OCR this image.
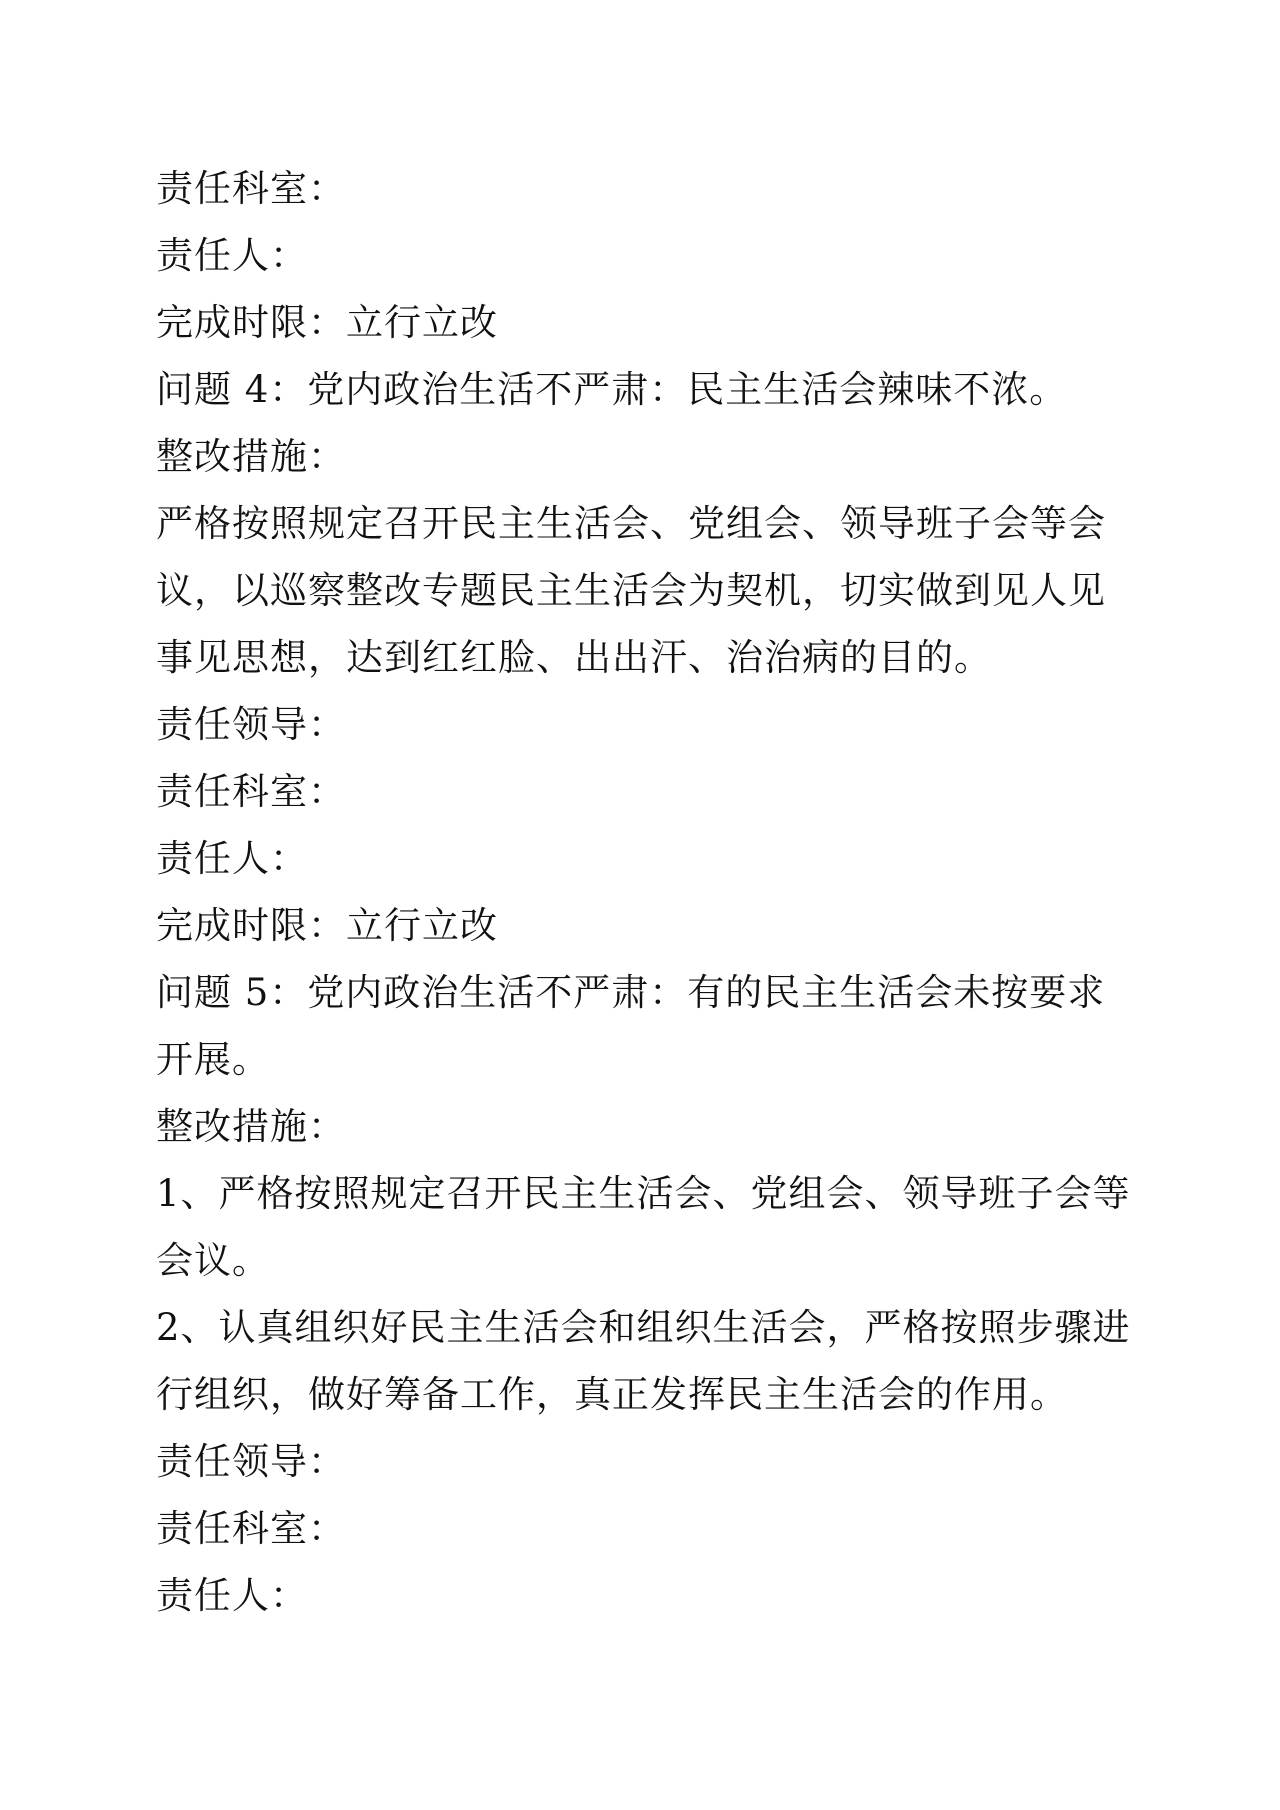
责任科室：
责任人：
完成时限：立行立改
问题 4：党内政治生活不严肃：民主生活会辣味不浓。
整改措施：
严格按照规定召开民主生活会、党组会、领导班子会等会
议，以巡察整改专题民主生活会为契机，切实做到见人见
事见思想，达到红红脸、出出汗、治治病的目的。
责任领导：
责任科室：
责任人：
完成时限：立行立改
问题 5：党内政治生活不严肃：有的民主生活会未按要求
开展。
整改措施：
1、严格按照规定召开民主生活会、党组会、领导班子会等
会议。
2、认真组织好民主生活会和组织生活会，严格按照步骤进
行组织，做好筹备工作，真正发挥民主生活会的作用。
责任领导：
责任科室：
责任人：
